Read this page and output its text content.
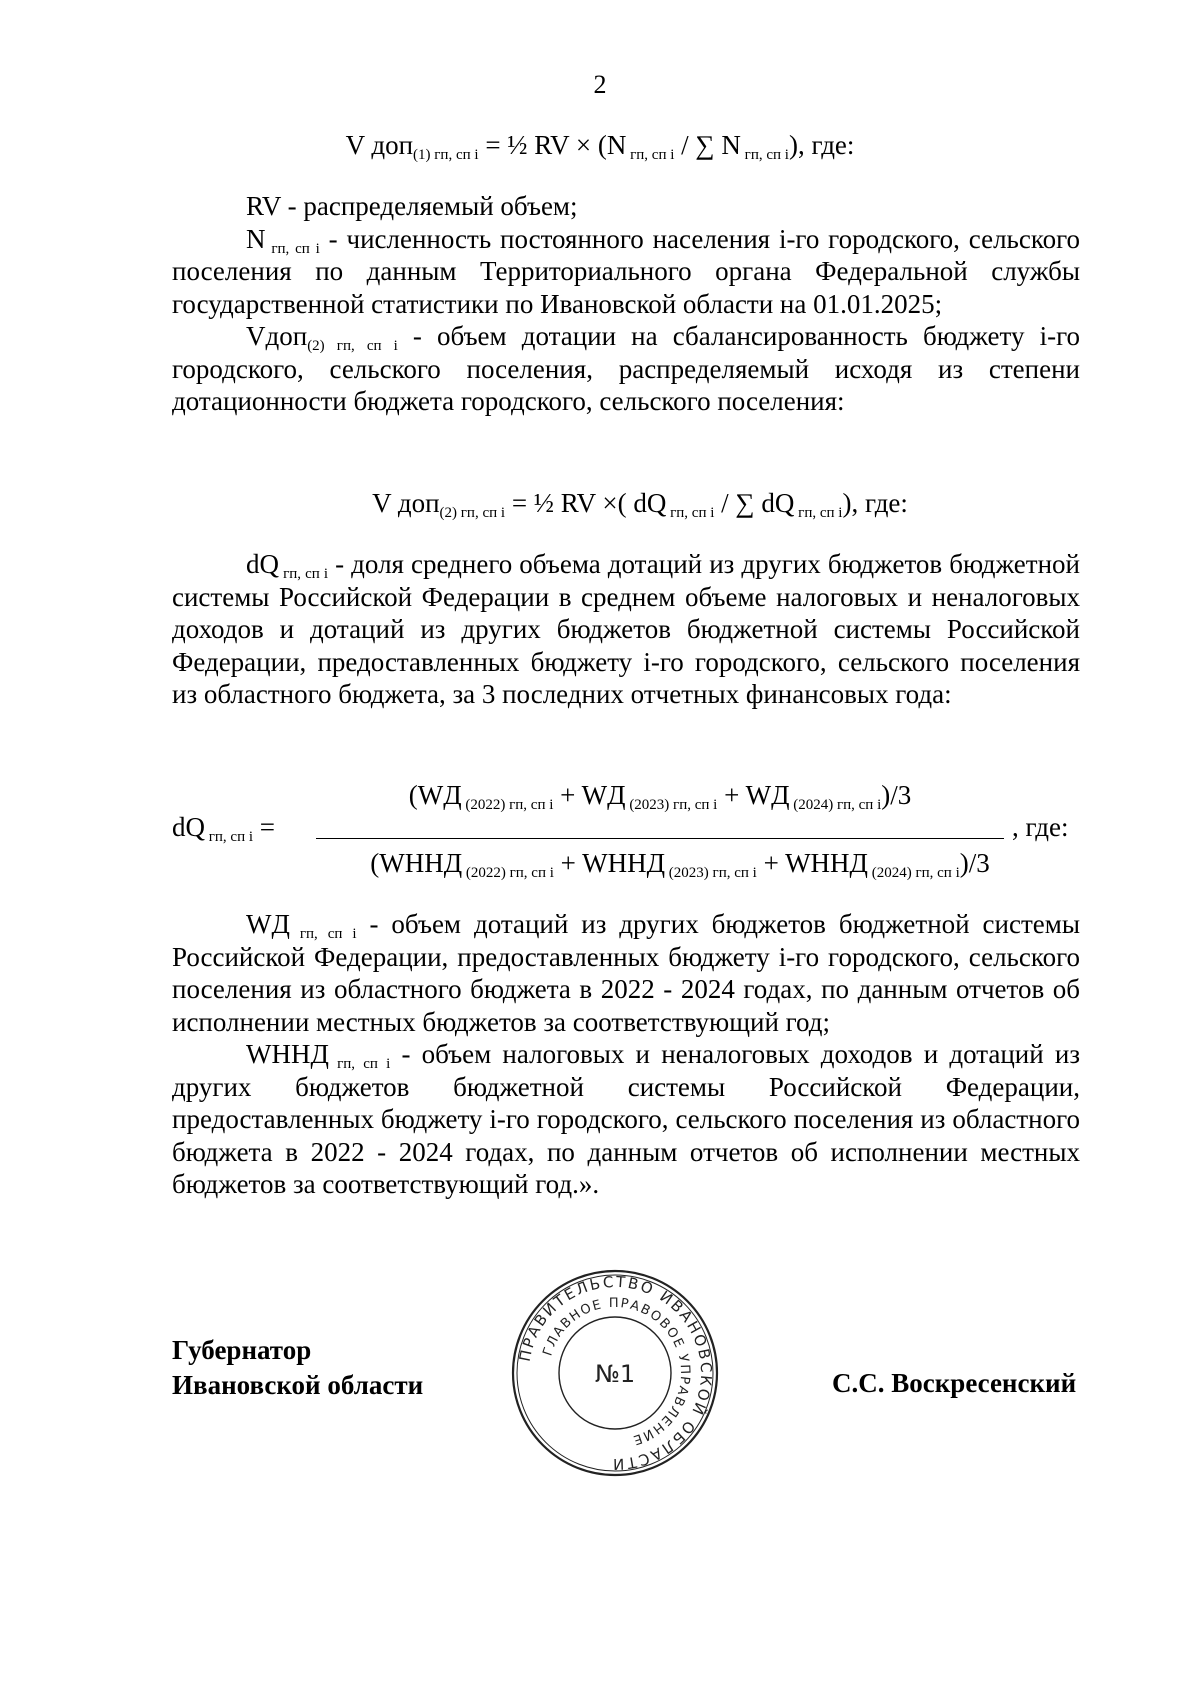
2
V доп$_{(1) гп, сп i}$ = ½ RV × (N $_{гп, сп i}$ / ∑ N $_{гп, сп i}$), где:

RV - распределяемый объем;

N $_{гп, сп i}$ - численность постоянного населения i-го городского, сельского поселения по данным Территориального органа Федеральной службы государственной статистики по Ивановской области на 01.01.2025;

Vдоп$_{(2) гп, сп i}$ - объем дотации на сбалансированность бюджету i-го городского, сельского поселения, распределяемый исходя из степени дотационности бюджета городского, сельского поселения:

V доп$_{(2) гп, сп i}$ = ½ RV ×( dQ $_{гп, сп i}$ / ∑ dQ $_{гп, сп i}$), где:

dQ $_{гп, сп i}$ - доля среднего объема дотаций из других бюджетов бюджетной системы Российской Федерации в среднем объеме налоговых и неналоговых доходов и дотаций из других бюджетов бюджетной системы Российской Федерации, предоставленных бюджету i-го городского, сельского поселения из областного бюджета, за 3 последних отчетных финансовых года:

dQ $_{гп, сп i}$ =
(WД $_{(2022) гп, сп i}$ + WД $_{(2023) гп, сп i}$ + WД $_{(2024) гп, сп i}$)/3
, где:
(WННД $_{(2022) гп, сп i}$ + WННД $_{(2023) гп, сп i}$ + WННД $_{(2024) гп, сп i}$)/3

WД $_{гп, сп i}$ - объем дотаций из других бюджетов бюджетной системы Российской Федерации, предоставленных бюджету i-го городского, сельского поселения из областного бюджета в 2022 - 2024 годах, по данным отчетов об исполнении местных бюджетов за соответствующий год;

WННД $_{гп, сп i}$ - объем налоговых и неналоговых доходов и дотаций из других бюджетов бюджетной системы Российской Федерации, предоставленных бюджету i-го городского, сельского поселения из областного бюджета в 2022 - 2024 годах, по данным отчетов об исполнении местных бюджетов за соответствующий год.».

Губернатор
Ивановской области
ПРАВИТЕЛЬСТВО ИВАНОВСКОЙ ОБЛАСТИ
ГЛАВНОЕ ПРАВОВОЕ УПРАВЛЕНИЕ
№1	С.С. Воскресенский
